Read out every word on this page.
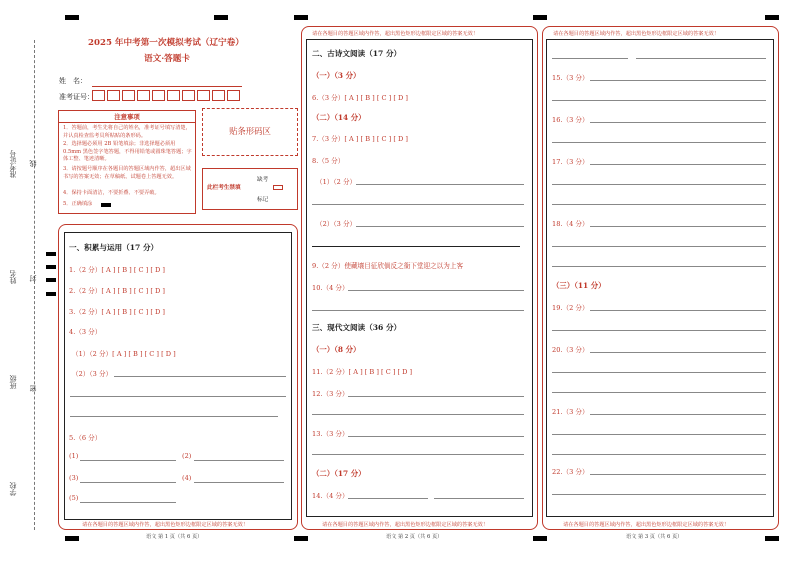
准考证号 线
姓名 封
班级 密
学校
2025 年中考第一次模拟考试（辽宁卷）
语文·答题卡
姓　名：
准考证号：
注意事项
1．答题前，考生先将自己的姓名，准考证号填写清楚，并认真检查监考员所粘贴的条形码。
2．选择题必须用 2B 铅笔填涂；非选择题必须用 0.5mm 黑色签字笔答题，不得用铅笔或圆珠笔答题；字体工整、笔迹清晰。
3．请按题号顺序在各题目的答题区域内作答，超出区域书写的答案无效；在草稿纸、试题卷上答题无效。
4．保持卡面清洁，不要折叠、不要弄破。
5．正确填涂
贴条形码区
此栏考生禁填
缺考
标记
一、积累与运用（17 分）
1.（2 分）[ A ] [ B ] [ C ] [ D ]
2.（2 分）[ A ] [ B ] [ C ] [ D ]
3.（2 分）[ A ] [ B ] [ C ] [ D ]
4.（3 分）
（1）（2 分）[ A ] [ B ] [ C ] [ D ]
（2）（3 分）
5.（6 分）
(1)	(2)
(3)	(4)
(5)
请在各题目的答题区域内作答，超出黑色矩形边框限定区域的答案无效！
语文 第 1 页（共 6 页）
请在各题目的答题区域内作答，超出黑色矩形边框限定区域的答案无效！
二、古诗文阅读（17 分）
（一）（3 分）
6.（3 分）[ A ] [ B ] [ C ] [ D ]
（二）（14 分）
7.（3 分）[ A ] [ B ] [ C ] [ D ]
8.（5 分）
（1）（2 分）
（2）（3 分）
9.（2 分）使藏壤目征欣倘反之衙下堂迎之以为上客
10.（4 分）
三、现代文阅读（36 分）
（一）（8 分）
11.（2 分）[ A ] [ B ] [ C ] [ D ]
12.（3 分）
13.（3 分）
（二）（17 分）
14.（4 分）
请在各题目的答题区域内作答，超出黑色矩形边框限定区域的答案无效！
语文 第 2 页（共 6 页）
请在各题目的答题区域内作答，超出黑色矩形边框限定区域的答案无效！
15.（3 分）
16.（3 分）
17.（3 分）
18.（4 分）
（三）（11 分）
19.（2 分）
20.（3 分）
21.（3 分）
22.（3 分）
请在各题目的答题区域内作答，超出黑色矩形边框限定区域的答案无效！
语文 第 3 页（共 6 页）
